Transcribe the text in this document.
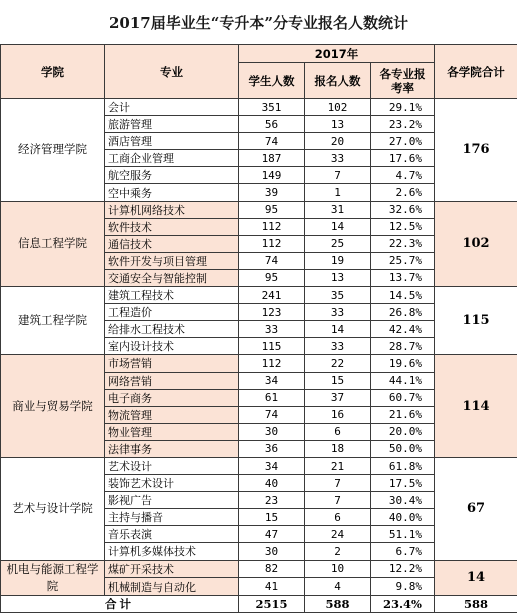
2017届毕业生“专升本”分专业报名人数统计
学院	专业	2017年			各学院合计
		学生人数	报名人数	各专业报考率	
经济管理学院	会计	351	102	29.1%	176
	旅游管理	56	13	23.2%	
	酒店管理	74	20	27.0%	
	工商企业管理	187	33	17.6%	
	航空服务	149	7	4.7%	
	空中乘务	39	1	2.6%	
信息工程学院	计算机网络技术	95	31	32.6%	102
	软件技术	112	14	12.5%	
	通信技术	112	25	22.3%	
	软件开发与项目管理	74	19	25.7%	
	交通安全与智能控制	95	13	13.7%	
建筑工程学院	建筑工程技术	241	35	14.5%	115
	工程造价	123	33	26.8%	
	给排水工程技术	33	14	42.4%	
	室内设计技术	115	33	28.7%	
商业与贸易学院	市场营销	112	22	19.6%	114
	网络营销	34	15	44.1%	
	电子商务	61	37	60.7%	
	物流管理	74	16	21.6%	
	物业管理	30	6	20.0%	
	法律事务	36	18	50.0%	
艺术与设计学院	艺术设计	34	21	61.8%	67
	装饰艺术设计	40	7	17.5%	
	影视广告	23	7	30.4%	
	主持与播音	15	6	40.0%	
	音乐表演	47	24	51.1%	
	计算机多媒体技术	30	2	6.7%	
机电与能源工程学院	煤矿开采技术	82	10	12.2%	14
	机械制造与自动化	41	4	9.8%	
合计		2515	588	23.4%	588
